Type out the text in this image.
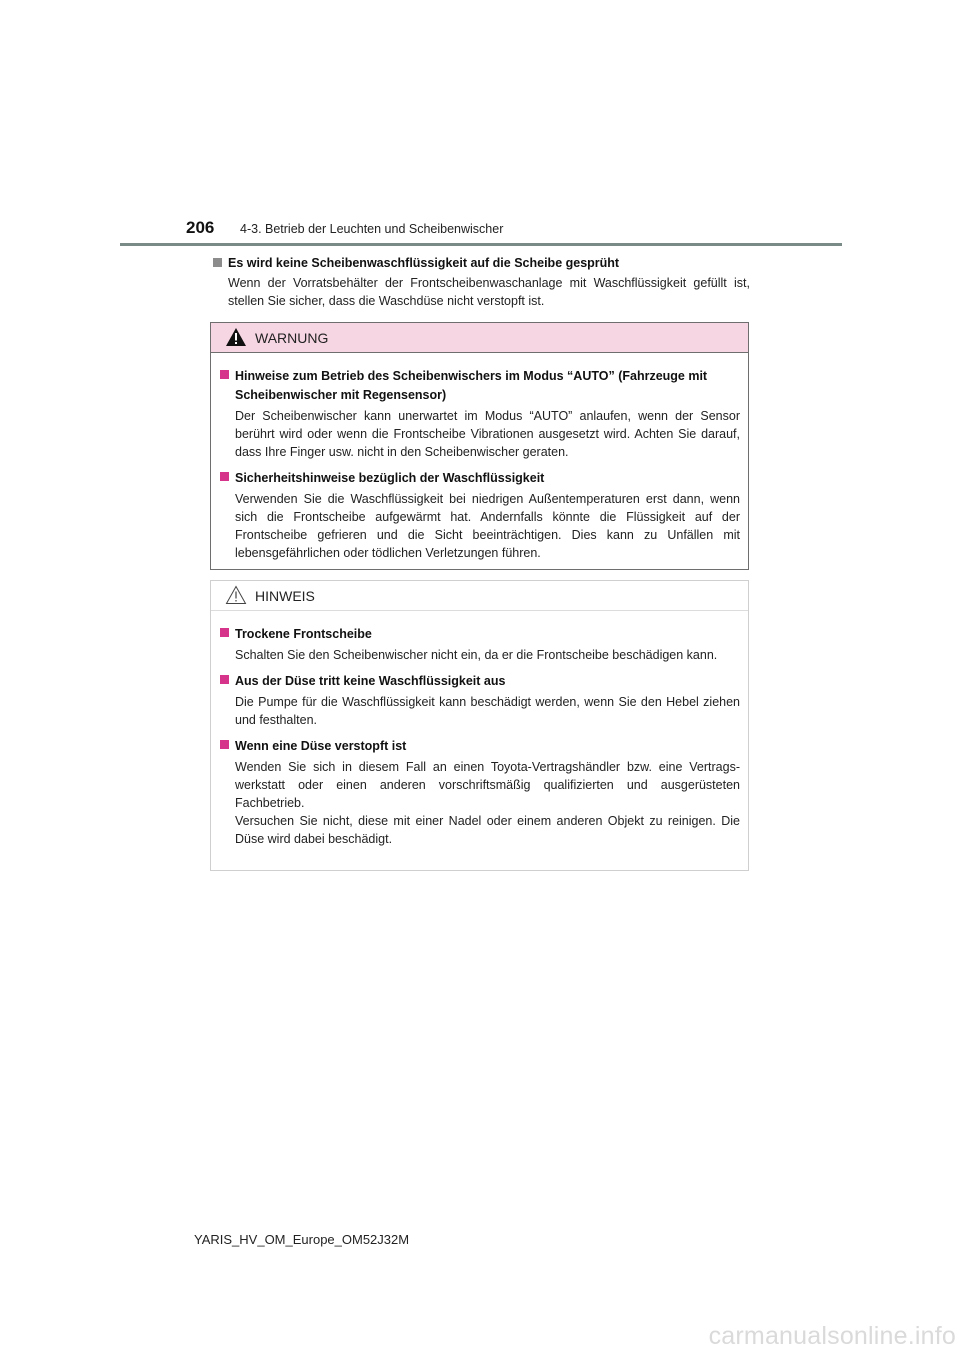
206 4-3. Betrieb der Leuchten und Scheibenwischer
Es wird keine Scheibenwaschflüssigkeit auf die Scheibe gesprüht
Wenn der Vorratsbehälter der Frontscheibenwaschanlage mit Waschflüssigkeit gefüllt ist, stellen Sie sicher, dass die Waschdüse nicht verstopft ist.
WARNUNG
Hinweise zum Betrieb des Scheibenwischers im Modus “AUTO” (Fahrzeuge mit Scheibenwischer mit Regensensor)
Der Scheibenwischer kann unerwartet im Modus “AUTO” anlaufen, wenn der Sensor berührt wird oder wenn die Frontscheibe Vibrationen ausgesetzt wird. Achten Sie darauf, dass Ihre Finger usw. nicht in den Scheibenwischer geraten.
Sicherheitshinweise bezüglich der Waschflüssigkeit
Verwenden Sie die Waschflüssigkeit bei niedrigen Außentemperaturen erst dann, wenn sich die Frontscheibe aufgewärmt hat. Andernfalls könnte die Flüssigkeit auf der Frontscheibe gefrieren und die Sicht beeinträchtigen. Dies kann zu Unfällen mit lebensgefährlichen oder tödlichen Verletzungen führen.
HINWEIS
Trockene Frontscheibe
Schalten Sie den Scheibenwischer nicht ein, da er die Frontscheibe beschädigen kann.
Aus der Düse tritt keine Waschflüssigkeit aus
Die Pumpe für die Waschflüssigkeit kann beschädigt werden, wenn Sie den Hebel ziehen und festhalten.
Wenn eine Düse verstopft ist
Wenden Sie sich in diesem Fall an einen Toyota-Vertragshändler bzw. eine Vertrags-werkstatt oder einen anderen vorschriftsmäßig qualifizierten und ausgerüsteten Fachbetrieb.
Versuchen Sie nicht, diese mit einer Nadel oder einem anderen Objekt zu reinigen. Die Düse wird dabei beschädigt.
YARIS_HV_OM_Europe_OM52J32M
carmanualsonline.info
